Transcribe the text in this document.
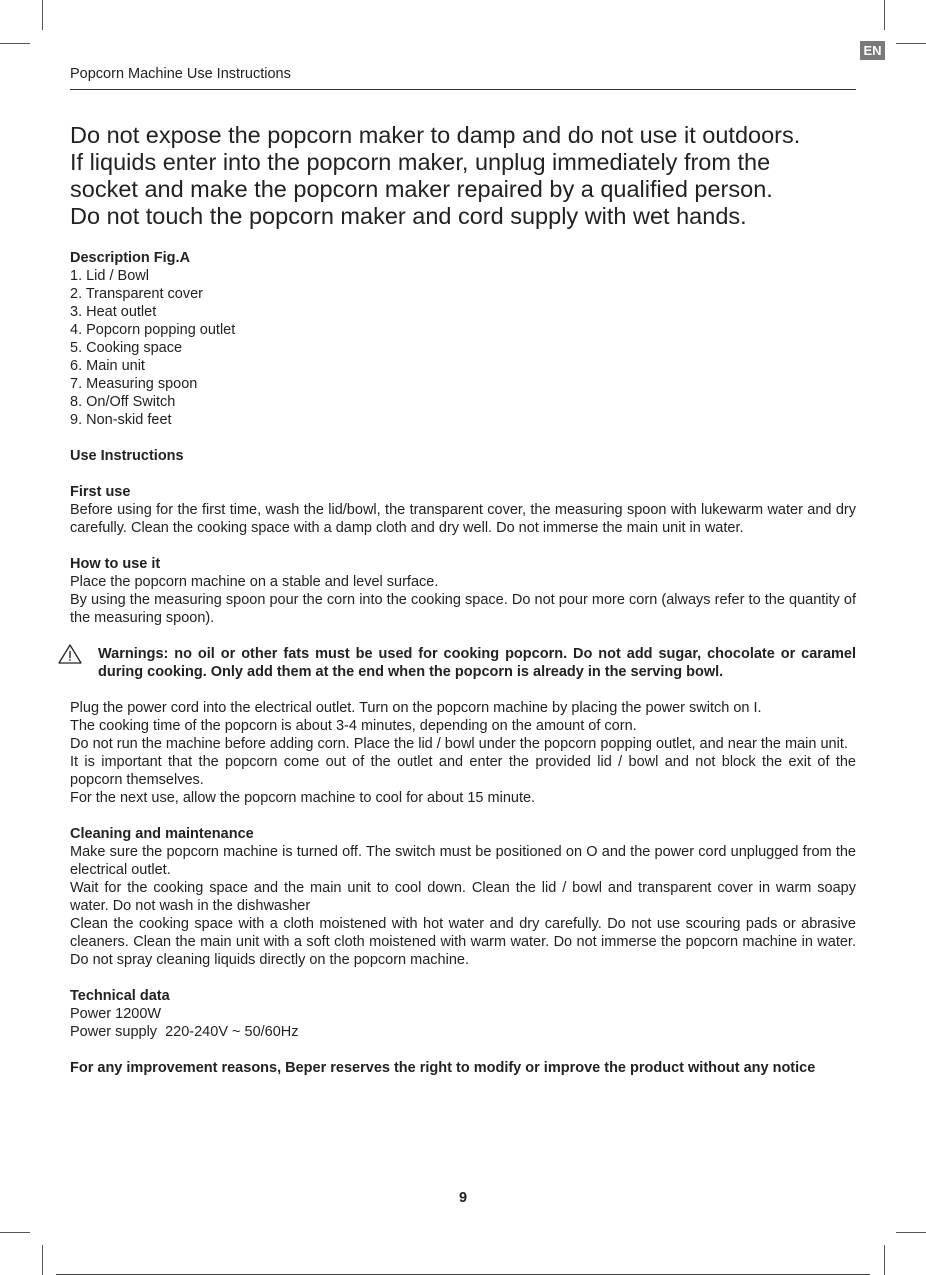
EN
Popcorn Machine Use Instructions

Do not expose the popcorn maker to damp and do not use it outdoors.

If liquids enter into the popcorn maker, unplug immediately from the

socket and make the popcorn maker repaired by a qualified person.

Do not touch the popcorn maker and cord supply with wet hands.

Description Fig.A

1. Lid / Bowl
2. Transparent cover
3. Heat outlet
4. Popcorn popping outlet
5. Cooking space
6. Main unit
7. Measuring spoon
8. On/Off Switch
9. Non-skid feet

Use Instructions

First use

Before using for the first time, wash the lid/bowl, the transparent cover, the measuring spoon with lukewarm water and dry carefully. Clean the cooking space with a damp cloth and dry well. Do not immerse the main unit in water.

How to use it

Place the popcorn machine on a stable and level surface.

By using the measuring spoon pour the corn into the cooking space. Do not pour more corn (always refer to the quantity of the measuring spoon).

Warnings: no oil or other fats must be used for cooking popcorn. Do not add sugar, chocolate or caramel during cooking. Only add them at the end when the popcorn is already in the serving bowl.

Plug the power cord into the electrical outlet. Turn on the popcorn machine by placing the power switch on I.

The cooking time of the popcorn is about 3-4 minutes, depending on the amount of corn.

Do not run the machine before adding corn. Place the lid / bowl under the popcorn popping outlet, and near the main unit.

It is important that the popcorn come out of the outlet and enter the provided lid / bowl and not block the exit of the popcorn themselves.

For the next use, allow the popcorn machine to cool for about 15 minute.

Cleaning and maintenance

Make sure the popcorn machine is turned off. The switch must be positioned on O and the power cord unplugged from the electrical outlet.

Wait for the cooking space and the main unit to cool down. Clean the lid / bowl and transparent cover in warm soapy water. Do not wash in the dishwasher

Clean the cooking space with a cloth moistened with hot water and dry carefully. Do not use scouring pads or abrasive cleaners. Clean the main unit with a soft cloth moistened with warm water. Do not immerse the popcorn machine in water. Do not spray cleaning liquids directly on the popcorn machine.

Technical data

Power 1200W

Power supply  220-240V ~ 50/60Hz

For any improvement reasons, Beper reserves the right to modify or improve the product without any notice

9
